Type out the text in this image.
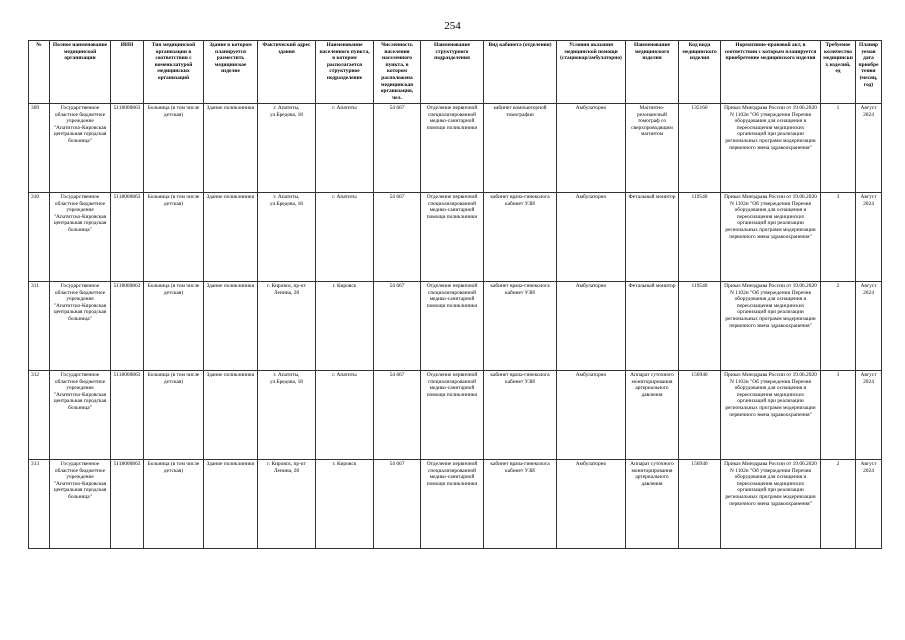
254
№	Полное наименование медицинской организации	ИНН	Тип медицинской организации в соответствии с номенклатурой медицинских организаций	Здание в котором планируется разместить медицинское изделие	Фактический адрес здания	Наименование населенного пункта, в котором располагается структурное подразделение	Численность населения населенного пункта, в котором расположена медицинская организация, чел.	Наименование структурного подразделения	Вид кабинета (отделения)	Условия оказания медицинской помощи (стационар/амбулаторно)	Наименование медицинского изделия	Код вида медицинского изделия	Нормативно-правовой акт, в соответствии с которым планируется приобретение медицинского изделия	Требуемое количество медицинских изделий, ед	Планируемая дата приобретения (месяц, год)
309	Государственное областное бюджетное учреждение "Апатитско-Кировская центральная городская больница"	5118000863	Больница (в том числе детская)	Здание поликлиники	г. Апатиты, ул.Бредова, 18	г. Апатиты	54 667	Отделение первичной специализированной медико-санитарной помощи поликлиники	кабинет компьютерной томографии	Амбулаторно	Магнитно-резонансный томограф со сверхпроводящим магнитом	135160	Приказ Минздрава России от 19.06.2020 N 1102н "Об утверждении Перечня оборудования для оснащения и переоснащения медицинских организаций при реализации региональных программ модернизации первичного звена здравоохранения"	1	Август 2024
310	Государственное областное бюджетное учреждение "Апатитско-Кировская центральная городская больница"	5118000863	Больница (в том числе детская)	Здание поликлиники	г. Апатиты, ул.Бредова, 18	г. Апатиты	54 667	Отделение первичной специализированной медико-санитарной помощи поликлиники	кабинет врача-гинеколога кабинет УЗИ	Амбулаторно	Фетальный монитор	119540	Приказ Минздрава России от 19.06.2020 N 1102н "Об утверждении Перечня оборудования для оснащения и переоснащения медицинских организаций при реализации региональных программ модернизации первичного звена здравоохранения"	3	Август 2024
311	Государственное областное бюджетное учреждение "Апатитско-Кировская центральная городская больница"	5118000863	Больница (в том числе детская)	Здание поликлиники	г. Кировск, пр-кт Ленина, 28	г. Кировск	54 667	Отделение первичной специализированной медико-санитарной помощи поликлиники	кабинет врача-гинеколога кабинет УЗИ	Амбулаторно	Фетальный монитор	119540	Приказ Минздрава России от 19.06.2020 N 1102н "Об утверждении Перечня оборудования для оснащения и переоснащения медицинских организаций при реализации региональных программ модернизации первичного звена здравоохранения"	2	Август 2024
312	Государственное областное бюджетное учреждение "Апатитско-Кировская центральная городская больница"	5118000863	Больница (в том числе детская)	Здание поликлиники	г. Апатиты, ул.Бредова, 18	г. Апатиты	54 667	Отделение первичной специализированной медико-санитарной помощи поликлиники	кабинет врача-гинеколога кабинет УЗИ	Амбулаторно	Аппарат суточного мониторирования артериального давления	156940	Приказ Минздрава России от 19.06.2020 N 1102н "Об утверждении Перечня оборудования для оснащения и переоснащения медицинских организаций при реализации региональных программ модернизации первичного звена здравоохранения"	3	Август 2024
313	Государственное областное бюджетное учреждение "Апатитско-Кировская центральная городская больница"	5118000863	Больница (в том числе детская)	Здание поликлиники	г. Кировск, пр-кт Ленина, 28	г. Кировск	54 667	Отделение первичной специализированной медико-санитарной помощи поликлиники	кабинет врача-гинеколога кабинет УЗИ	Амбулаторно	Аппарат суточного мониторирования артериального давления	156940	Приказ Минздрава России от 19.06.2020 N 1102н "Об утверждении Перечня оборудования для оснащения и переоснащения медицинских организаций при реализации региональных программ модернизации первичного звена здравоохранения"	2	Август 2024
